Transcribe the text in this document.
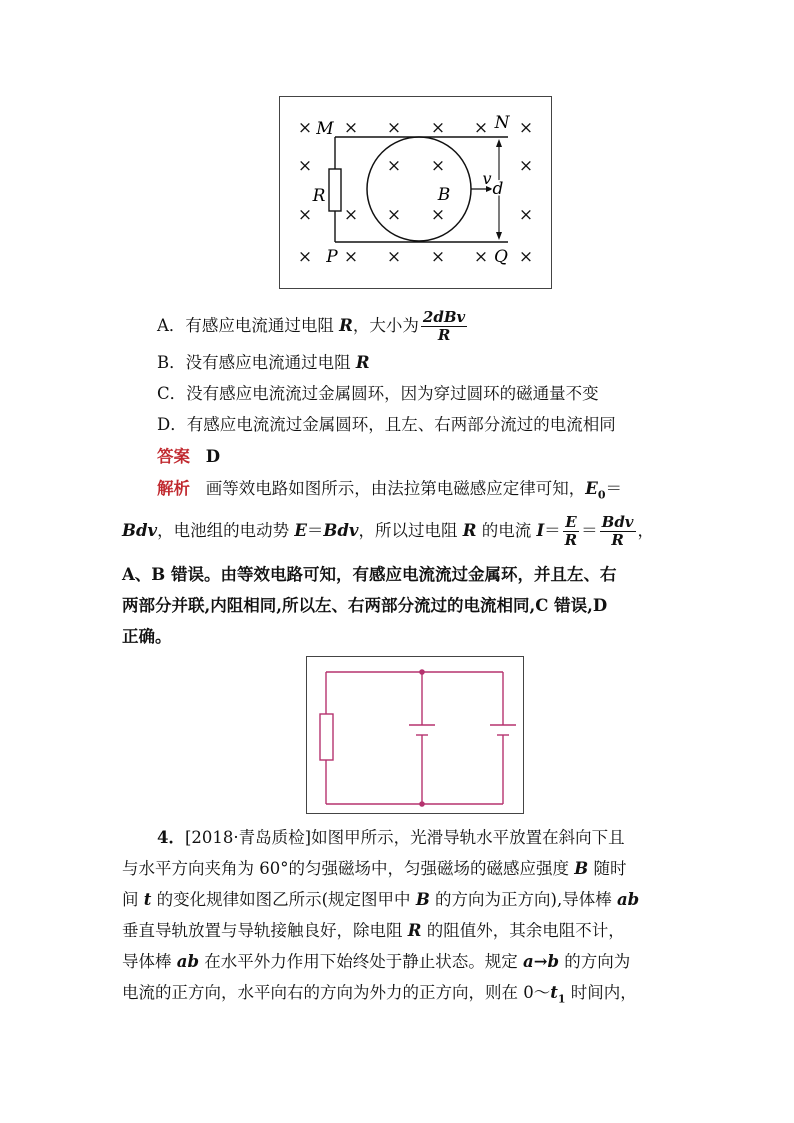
× × × × × ×
×	× ×	×
× × × ×	×
× × × × × ×
M	N
P	Q
R	B
v
d
A．有感应电流通过电阻 R，大小为 $\frac{\text{2dBv}}{R}$
B．没有感应电流通过电阻 R
C．没有感应电流流过金属圆环，因为穿过圆环的磁通量不变
D．有感应电流流过金属圆环，且左、右两部分流过的电流相同
答案 D
解析 画等效电路如图所示，由法拉第电磁感应定律可知，$E_0=$
Bdv，电池组的电动势 E＝Bdv，所以过电阻 R 的电流 $I= \frac{E}{R} = \frac{\text{Bdv}}{R}$ ，
A、B 错误。由等效电路可知，有感应电流流过金属环，并且左、右
两部分并联,内阻相同,所以左、右两部分流过的电流相同,C 错误,D
正确。
4．[2018·青岛质检]如图甲所示，光滑导轨水平放置在斜向下且
与水平方向夹角为 60°的匀强磁场中，匀强磁场的磁感应强度 B 随时
间 t 的变化规律如图乙所示(规定图甲中 B 的方向为正方向),导体棒 ab
垂直导轨放置与导轨接触良好，除电阻 R 的阻值外，其余电阻不计，
导体棒 ab 在水平外力作用下始终处于静止状态。规定 a→b 的方向为
电流的正方向，水平向右的方向为外力的正方向，则在 $0\sim t_1$ 时间内，
